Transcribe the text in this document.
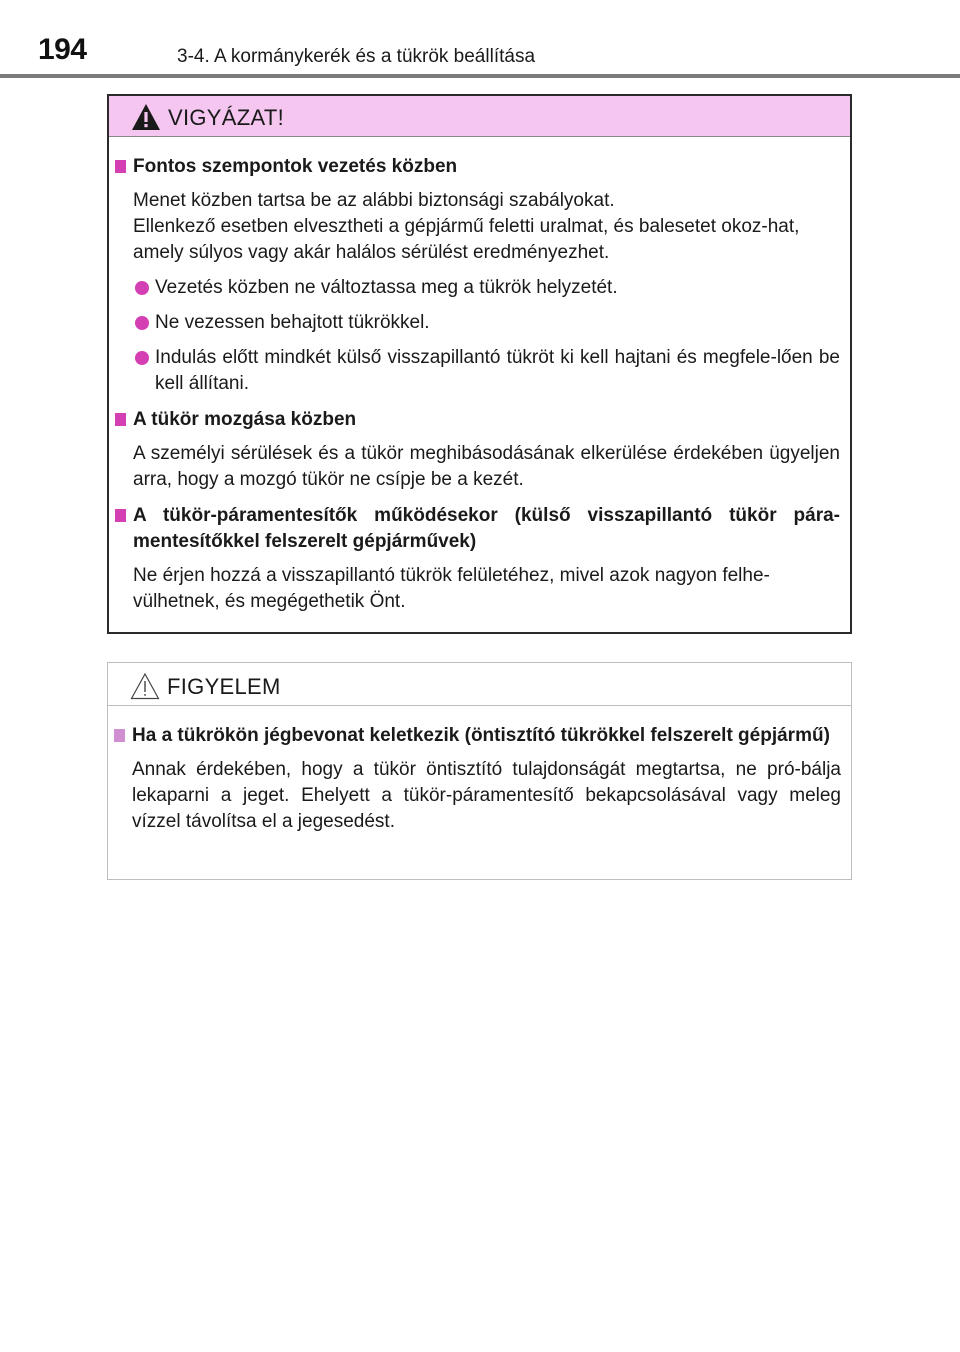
194	3-4. A kormánykerék és a tükrök beállítása
VIGYÁZAT!
Fontos szempontok vezetés közben

Menet közben tartsa be az alábbi biztonsági szabályokat.

Ellenkező esetben elvesztheti a gépjármű feletti uralmat, és balesetet okoz-hat, amely súlyos vagy akár halálos sérülést eredményezhet.

Vezetés közben ne változtassa meg a tükrök helyzetét.
Ne vezessen behajtott tükrökkel.
Indulás előtt mindkét külső visszapillantó tükröt ki kell hajtani és megfele-lően be kell állítani.
A tükör mozgása közben
A személyi sérülések és a tükör meghibásodásának elkerülése érdekében ügyeljen arra, hogy a mozgó tükör ne csípje be a kezét.
A tükör-páramentesítők működésekor (külső visszapillantó tükör pára-mentesítőkkel felszerelt gépjárművek)
Ne érjen hozzá a visszapillantó tükrök felületéhez, mivel azok nagyon felhe-vülhetnek, és megégethetik Önt.
FIGYELEM
Ha a tükrökön jégbevonat keletkezik (öntisztító tükrökkel felszerelt gépjármű)
Annak érdekében, hogy a tükör öntisztító tulajdonságát megtartsa, ne pró-bálja lekaparni a jeget. Ehelyett a tükör-páramentesítő bekapcsolásával vagy meleg vízzel távolítsa el a jegesedést.
